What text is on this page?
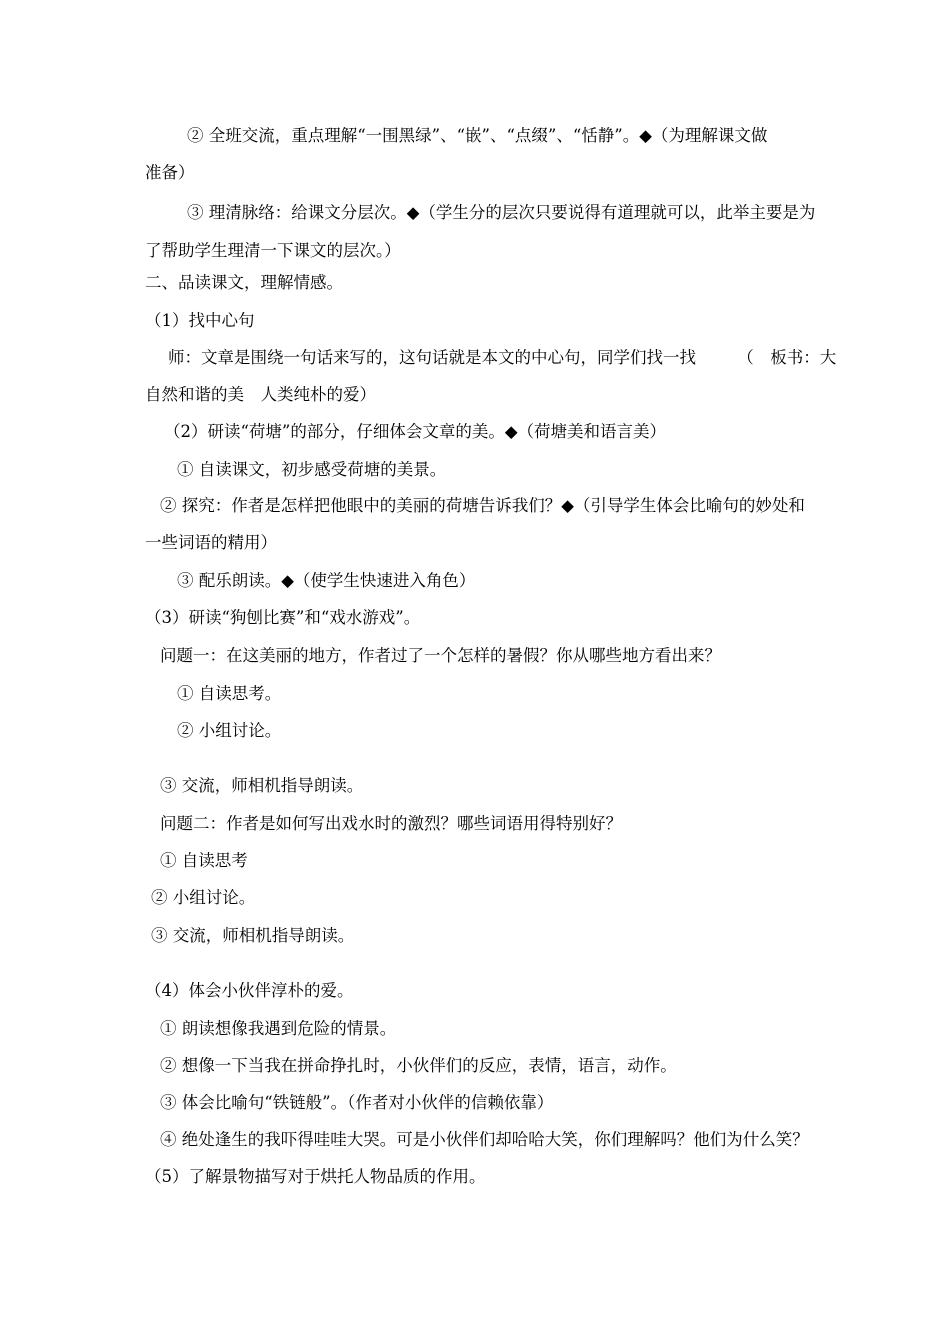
② 全班交流，重点理解“一围黑绿”、“嵌”、“点缀”、“恬静”。◆（为理解课文做
准备）
③ 理清脉络：给课文分层次。◆（学生分的层次只要说得有道理就可以，此举主要是为
了帮助学生理清一下课文的层次。）
二、品读课文，理解情感。
（1）找中心句
师：文章是围绕一句话来写的，这句话就是本文的中心句，同学们找一找　　　（　板书：大
自然和谐的美　人类纯朴的爱）
（2）研读“荷塘”的部分，仔细体会文章的美。◆（荷塘美和语言美）
① 自读课文，初步感受荷塘的美景。
② 探究：作者是怎样把他眼中的美丽的荷塘告诉我们？◆（引导学生体会比喻句的妙处和
一些词语的精用）
③ 配乐朗读。◆（使学生快速进入角色）
（3）研读“狗刨比赛”和“戏水游戏”。
问题一：在这美丽的地方，作者过了一个怎样的暑假？你从哪些地方看出来？
① 自读思考。
② 小组讨论。
③ 交流，师相机指导朗读。
问题二：作者是如何写出戏水时的激烈？哪些词语用得特别好？
① 自读思考
② 小组讨论。
③ 交流，师相机指导朗读。
（4）体会小伙伴淳朴的爱。
① 朗读想像我遇到危险的情景。
② 想像一下当我在拼命挣扎时，小伙伴们的反应，表情，语言，动作。
③ 体会比喻句“铁链般”。（作者对小伙伴的信赖依靠）
④ 绝处逢生的我吓得哇哇大哭。可是小伙伴们却哈哈大笑，你们理解吗？他们为什么笑？
（5）了解景物描写对于烘托人物品质的作用。
